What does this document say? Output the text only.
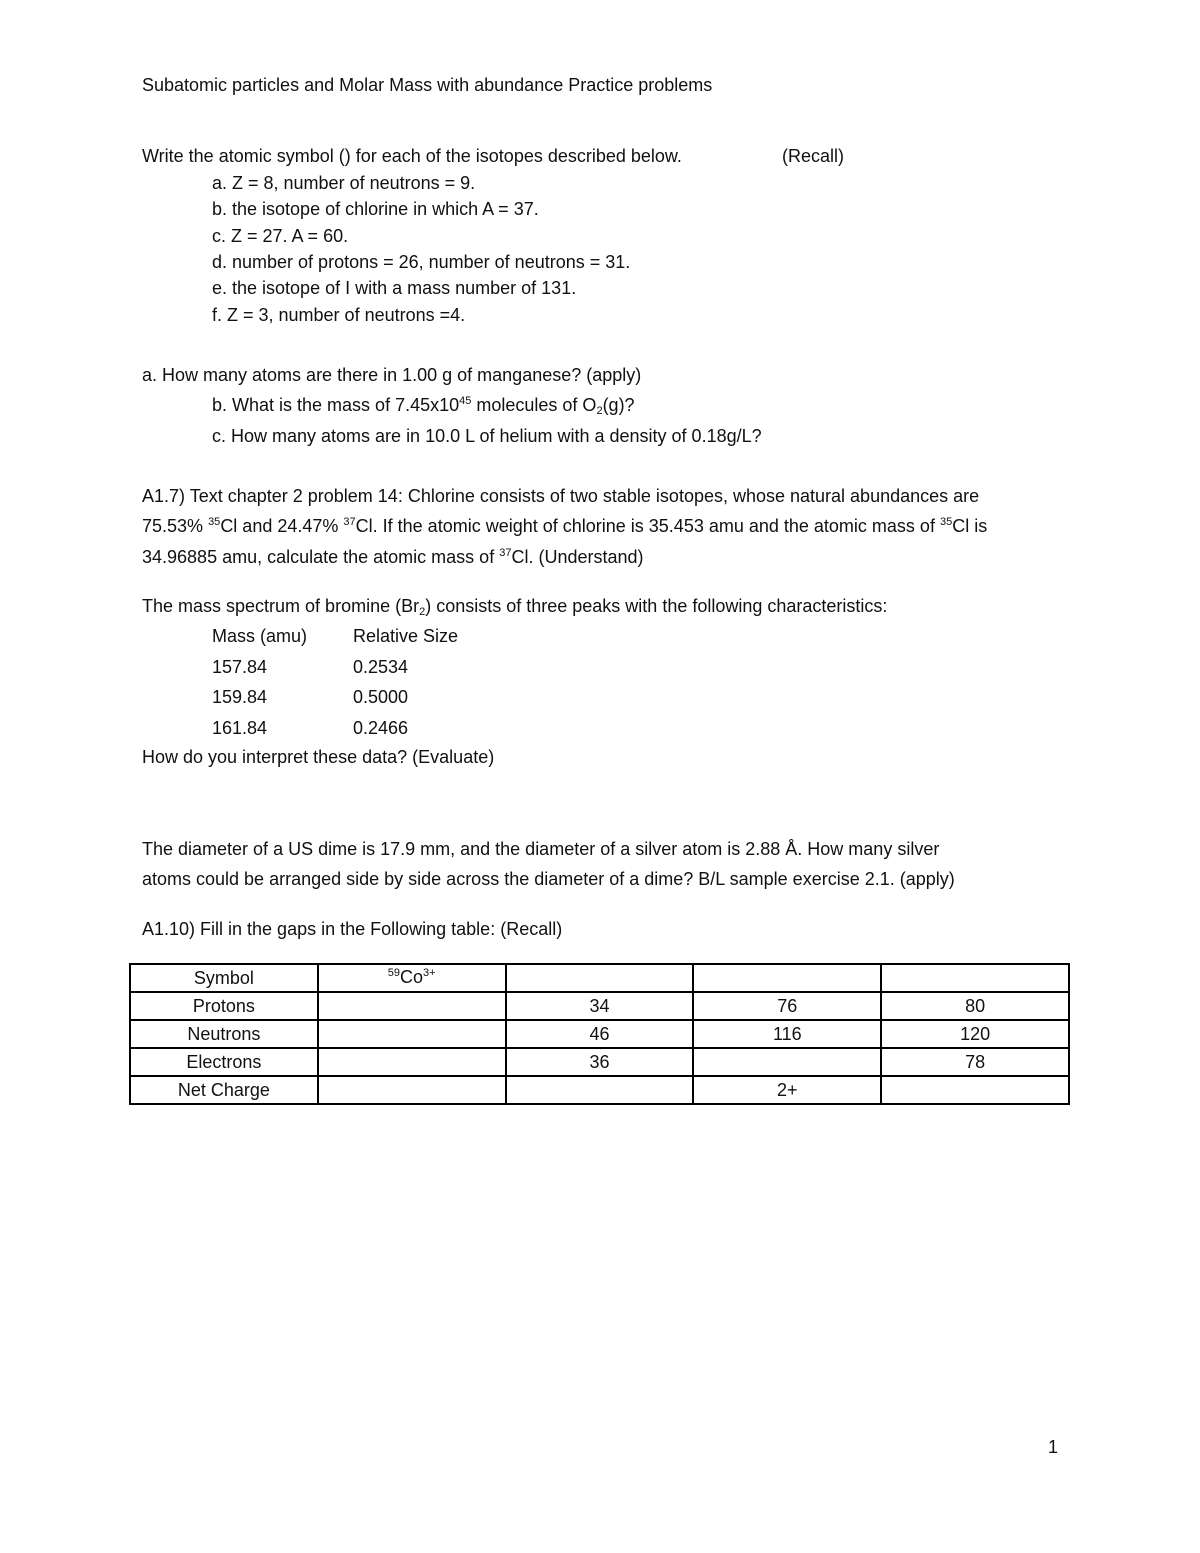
Subatomic particles and Molar Mass with abundance Practice problems
Write the atomic symbol () for each of the isotopes described below.	(Recall)
a. Z = 8, number of neutrons = 9.
b. the isotope of chlorine in which A = 37.
c. Z = 27. A = 60.
d. number of protons = 26, number of neutrons = 31.
e. the isotope of I with a mass number of 131.
f. Z = 3, number of neutrons =4.
a. How many atoms are there in 1.00 g of manganese? (apply)
b. What is the mass of $7.45x10^{45}$ molecules of $O_2(g)$?
c. How many atoms are in 10.0 L of helium with a density of 0.18g/L?
A1.7) Text chapter 2 problem 14: Chlorine consists of two stable isotopes, whose natural abundances are
75.53% $^{35}$Cl and 24.47% $^{37}$Cl. If the atomic weight of chlorine is 35.453 amu and the atomic mass of $^{35}$Cl is
34.96885 amu, calculate the atomic mass of $^{37}$Cl. (Understand)
The mass spectrum of bromine $(Br_2)$ consists of three peaks with the following characteristics:
Mass (amu)	Relative Size
157.84	0.2534
159.84	0.5000
161.84	0.2466
How do you interpret these data? (Evaluate)
The diameter of a US dime is 17.9 mm, and the diameter of a silver atom is 2.88 Å. How many silver
atoms could be arranged side by side across the diameter of a dime? B/L sample exercise 2.1. (apply)
A1.10) Fill in the gaps in the Following table: (Recall)
Symbol	$^{59}Co^{3+}$			
Protons		34	76	80
Neutrons		46	116	120
Electrons		36		78
Net Charge			2+	
1
